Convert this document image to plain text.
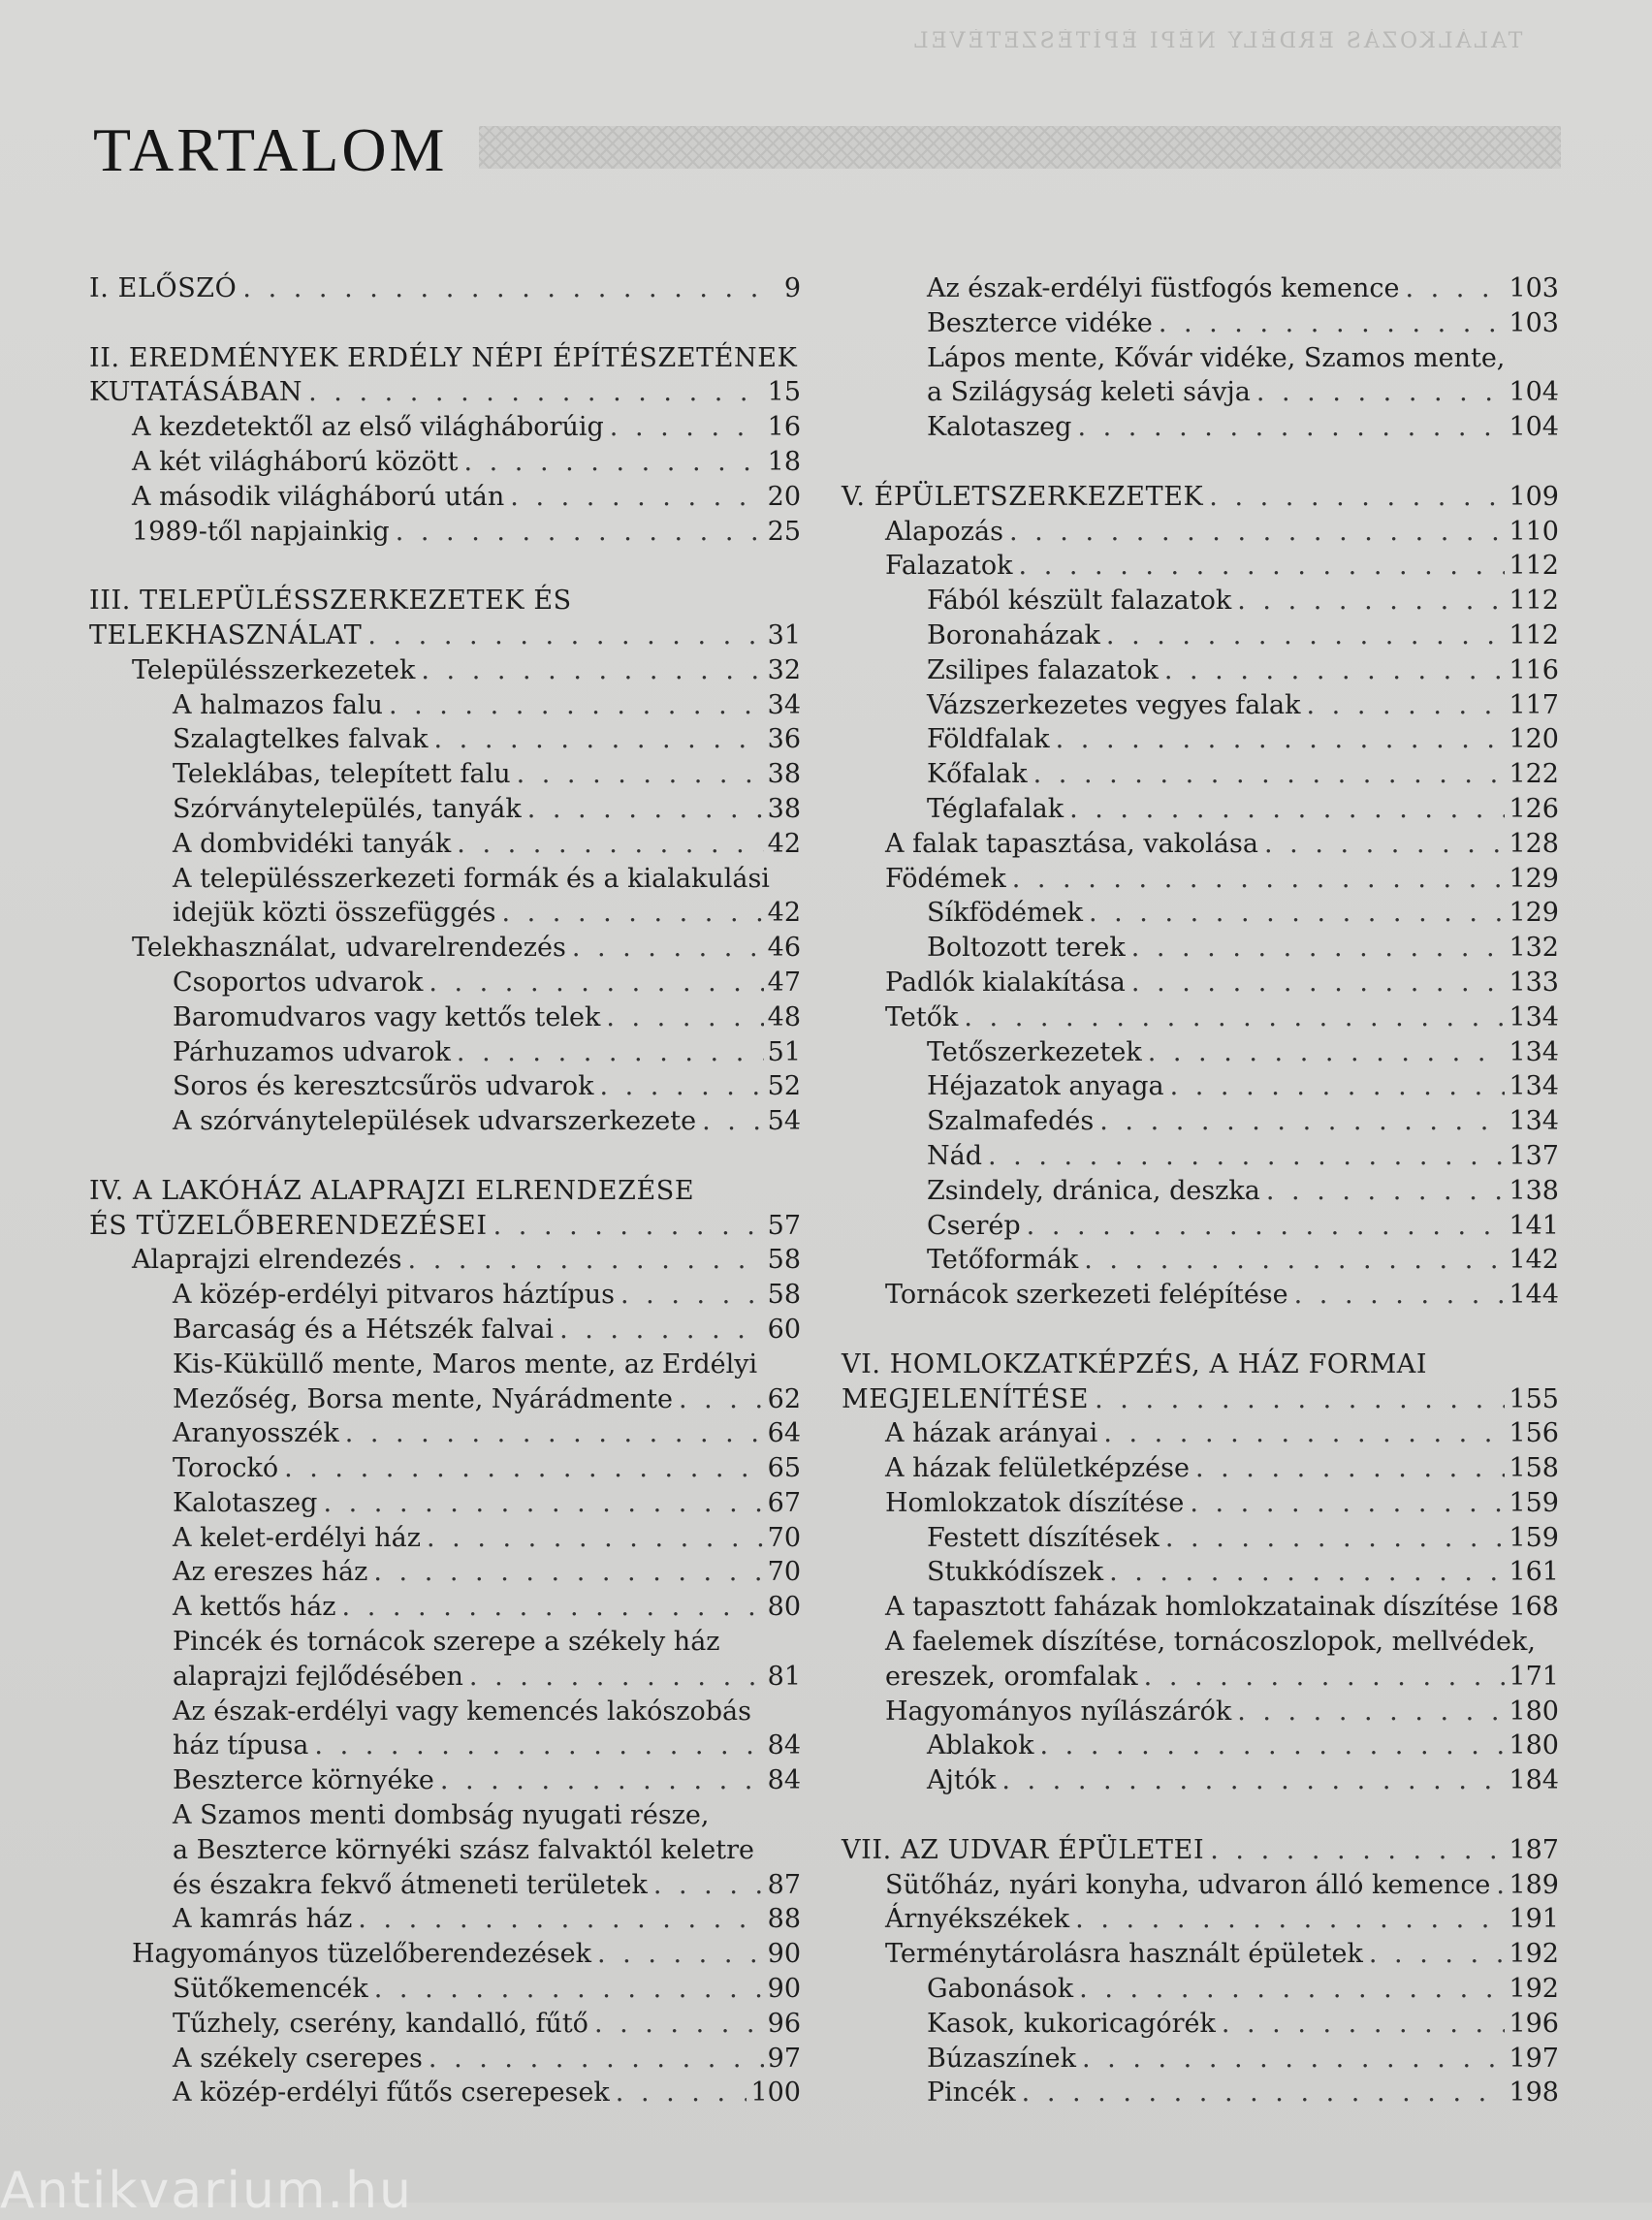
TALÁLKOZÁS ERDÉLY NÉPI ÉPÍTÉSZETÉVEL
TARTALOM
I. ELŐSZÓ . . .	9
II. EREDMÉNYEK ERDÉLY NÉPI ÉPÍTÉSZETÉNEK
KUTATÁSÁBAN . . .	15
A kezdetektől az első világháborúig . . .	16
A két világháború között . . .	18
A második világháború után . . .	20
1989-től napjainkig . . .	25
III. TELEPÜLÉSSZERKEZETEK ÉS
TELEKHASZNÁLAT . . .	31
Településszerkezetek . . .	32
A halmazos falu . . .	34
Szalagtelkes falvak . . .	36
Teleklábas, telepített falu . . .	38
Szórványtelepülés, tanyák . . .	38
A dombvidéki tanyák . . .	42
A településszerkezeti formák és a kialakulási
idejük közti összefüggés . . .	42
Telekhasználat, udvarelrendezés . . .	46
Csoportos udvarok . . .	47
Baromudvaros vagy kettős telek . . .	48
Párhuzamos udvarok . . .	51
Soros és keresztcsűrös udvarok . . .	52
A szórványtelepülések udvarszerkezete . . .	54
IV. A LAKÓHÁZ ALAPRAJZI ELRENDEZÉSE
ÉS TÜZELŐBERENDEZÉSEI . . .	57
Alaprajzi elrendezés . . .	58
A közép-erdélyi pitvaros háztípus . . .	58
Barcaság és a Hétszék falvai . . .	60
Kis-Küküllő mente, Maros mente, az Erdélyi
Mezőség, Borsa mente, Nyárádmente . . .	62
Aranyosszék . . .	64
Torockó . . .	65
Kalotaszeg . . .	67
A kelet-erdélyi ház . . .	70
Az ereszes ház . . .	70
A kettős ház . . .	80
Pincék és tornácok szerepe a székely ház
alaprajzi fejlődésében . . .	81
Az észak-erdélyi vagy kemencés lakószobás
ház típusa . . .	84
Beszterce környéke . . .	84
A Szamos menti dombság nyugati része,
a Beszterce környéki szász falvaktól keletre
és északra fekvő átmeneti területek . . .	87
A kamrás ház . . .	88
Hagyományos tüzelőberendezések . . .	90
Sütőkemencék . . .	90
Tűzhely, cserény, kandalló, fűtő . . .	96
A székely cserepes . . .	97
A közép-erdélyi fűtős cserepesek . . .	100
Az észak-erdélyi füstfogós kemence . . .	103
Beszterce vidéke . . .	103
Lápos mente, Kővár vidéke, Szamos mente,
a Szilágyság keleti sávja . . .	104
Kalotaszeg . . .	104
V. ÉPÜLETSZERKEZETEK . . .	109
Alapozás . . .	110
Falazatok . . .	112
Fából készült falazatok . . .	112
Boronaházak . . .	112
Zsilipes falazatok . . .	116
Vázszerkezetes vegyes falak . . .	117
Földfalak . . .	120
Kőfalak . . .	122
Téglafalak . . .	126
A falak tapasztása, vakolása . . .	128
Födémek . . .	129
Síkfödémek . . .	129
Boltozott terek . . .	132
Padlók kialakítása . . .	133
Tetők . . .	134
Tetőszerkezetek . . .	134
Héjazatok anyaga . . .	134
Szalmafedés . . .	134
Nád . . .	137
Zsindely, dránica, deszka . . .	138
Cserép . . .	141
Tetőformák . . .	142
Tornácok szerkezeti felépítése . . .	144
VI. HOMLOKZATKÉPZÉS, A HÁZ FORMAI
MEGJELENÍTÉSE . . .	155
A házak arányai . . .	156
A házak felületképzése . . .	158
Homlokzatok díszítése . . .	159
Festett díszítések . . .	159
Stukkódíszek . . .	161
A tapasztott faházak homlokzatainak díszítése 168
A faelemek díszítése, tornácoszlopok, mellvédek,
ereszek, oromfalak . . .	171
Hagyományos nyílászárók . . .	180
Ablakok . . .	180
Ajtók . . .	184
VII. AZ UDVAR ÉPÜLETEI . . .	187
Sütőház, nyári konyha, udvaron álló kemence . . . 189
Árnyékszékek . . .	191
Terménytárolásra használt épületek . . .	192
Gabonások . . .	192
Kasok, kukoricagórék . . .	196
Búzaszínek . . .	197
Pincék . . .	198
Antikvarium.hu
